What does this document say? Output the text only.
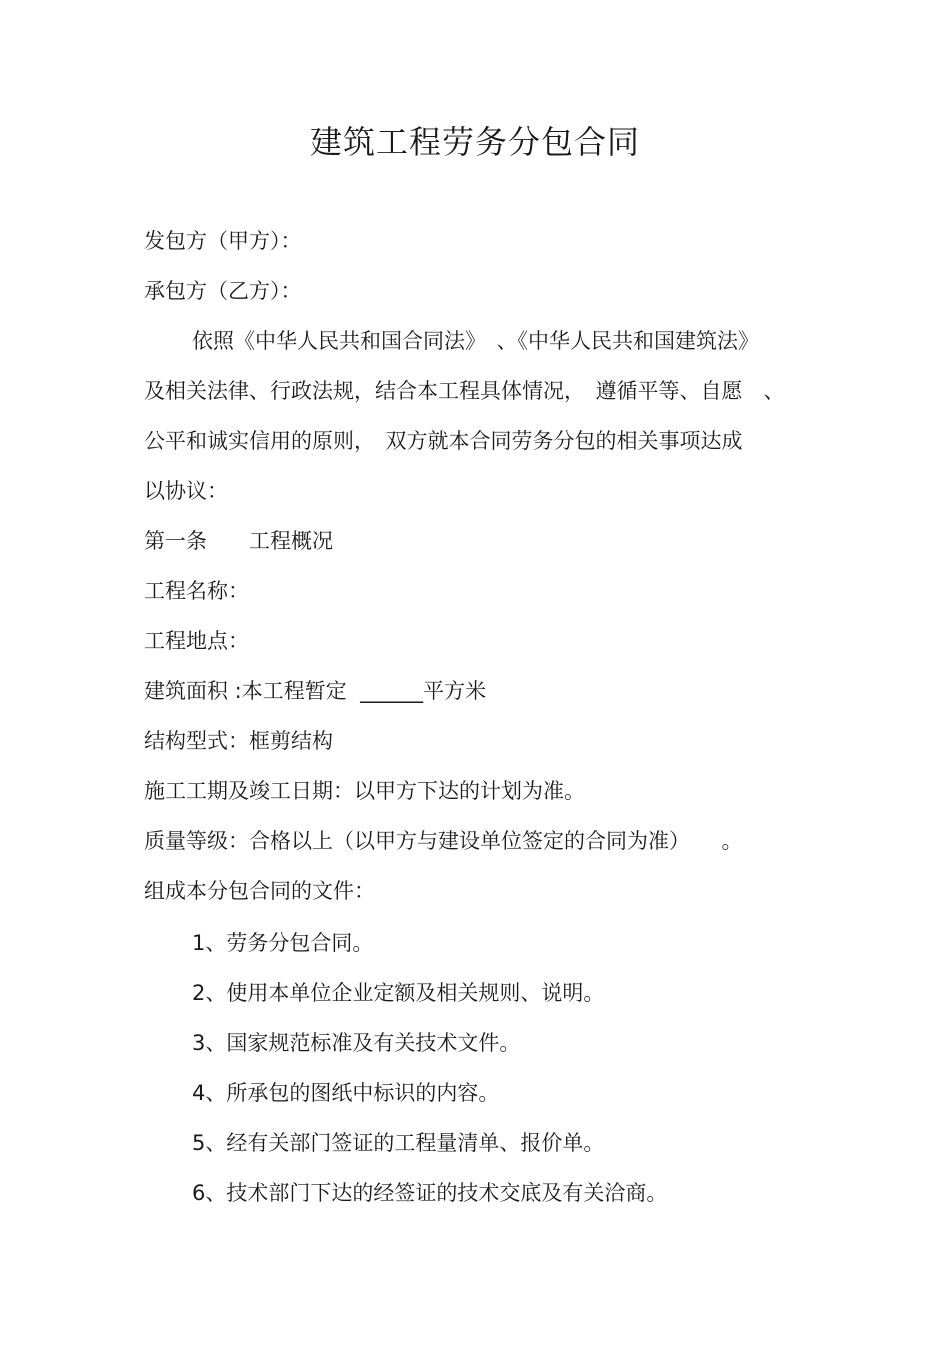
建筑工程劳务分包合同
发包方（甲方）：
承包方（乙方）：
依照《中华人民共和国合同法》　、《中华人民共和国建筑法》
及相关法律、行政法规，结合本工程具体情况，　遵循平等、自愿　、
公平和诚实信用的原则，　双方就本合同劳务分包的相关事项达成
以协议：
第一条　　工程概况
工程名称：
工程地点：
建筑面积 :本工程暂定  ______平方米
结构型式：框剪结构
施工工期及竣工日期：以甲方下达的计划为准。
质量等级：合格以上（以甲方与建设单位签定的合同为准）　　。
组成本分包合同的文件：
1、劳务分包合同。
2、使用本单位企业定额及相关规则、说明。
3、国家规范标准及有关技术文件。
4、所承包的图纸中标识的内容。
5、经有关部门签证的工程量清单、报价单。
6、技术部门下达的经签证的技术交底及有关洽商。
